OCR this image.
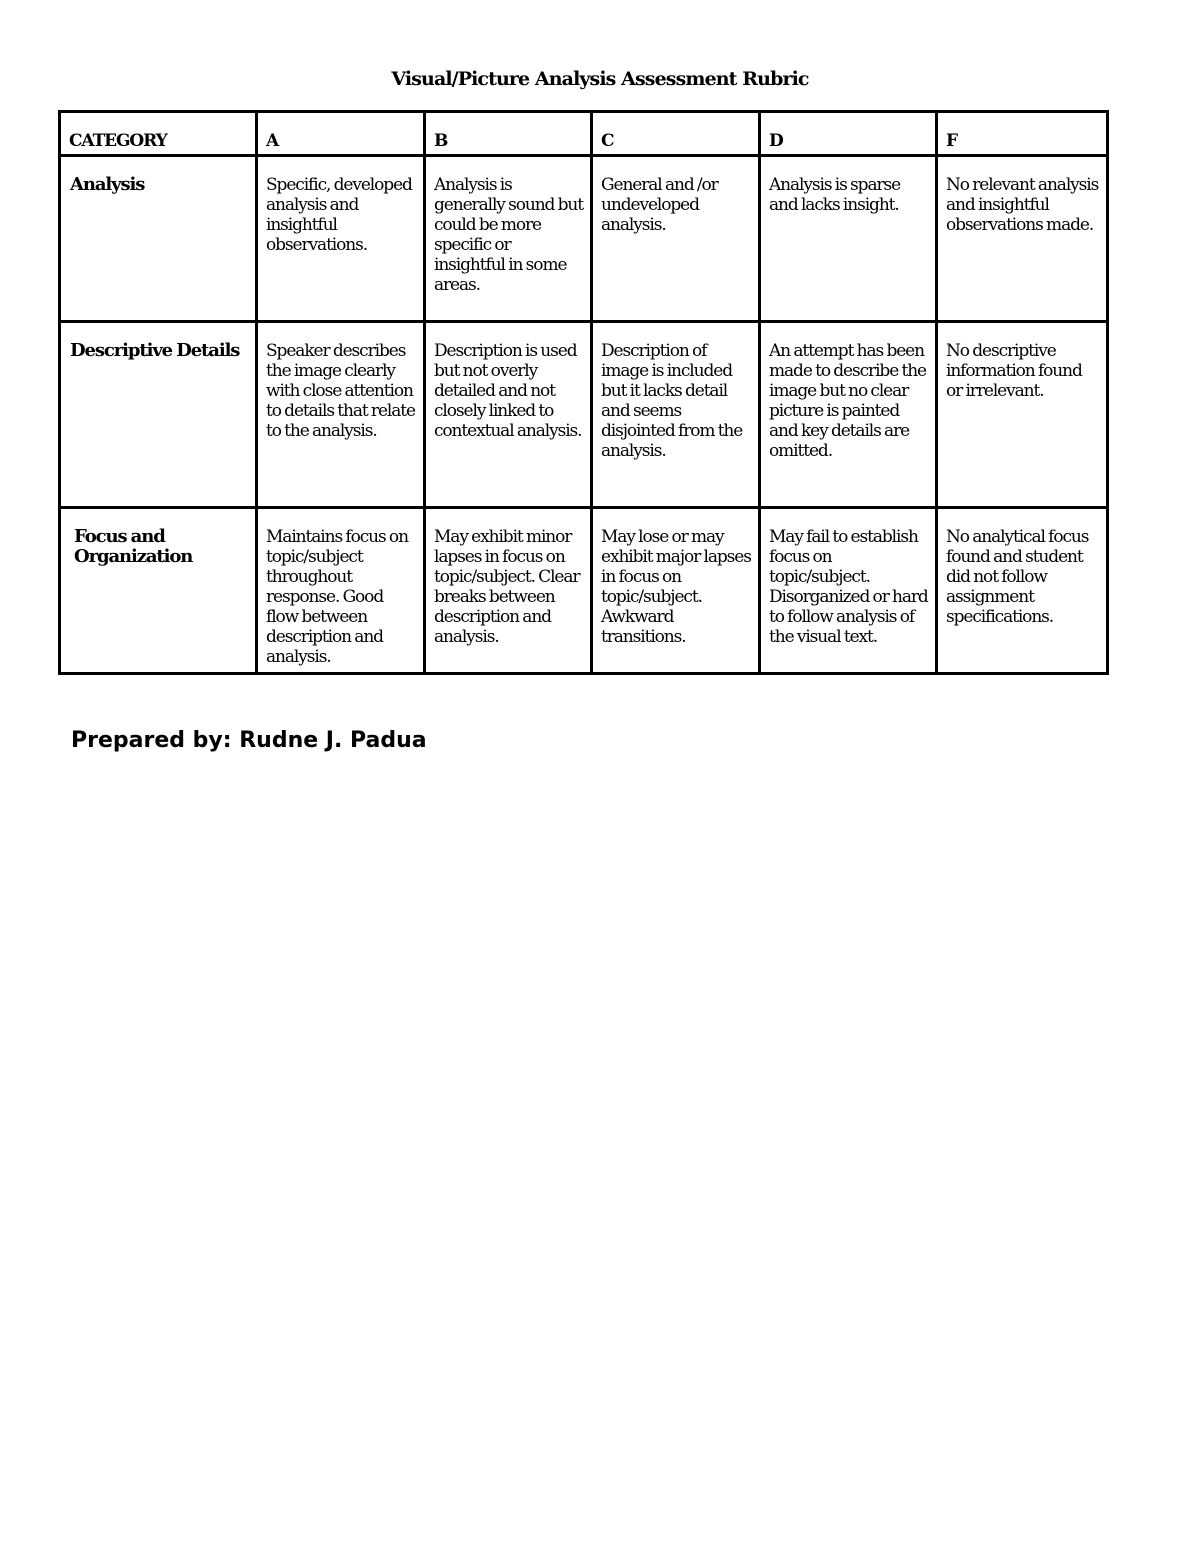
Visual/Picture Analysis Assessment Rubric
CATEGORY	A	B	C	D	F
Analysis	Specific, developed analysis and insightful observations.	Analysis is generally sound but could be more specific or insightful in some areas.	General and /or undeveloped analysis.	Analysis is sparse and lacks insight.	No relevant analysis and insightful observations made.
Descriptive Details	Speaker describes the image clearly with close attention to details that relate to the analysis.	Description is used but not overly detailed and not closely linked to contextual analysis.	Description of image is included but it lacks detail and seems disjointed from the analysis.	An attempt has been made to describe the image but no clear picture is painted and key details are omitted.	No descriptive information found or irrelevant.
Focus and Organization	Maintains focus on topic/subject throughout response. Good flow between description and analysis.	May exhibit minor lapses in focus on topic/subject. Clear breaks between description and analysis.	May lose or may exhibit major lapses in focus on topic/subject. Awkward transitions.	May fail to establish focus on topic/subject. Disorganized or hard to follow analysis of the visual text.	No analytical focus found and student did not follow assignment specifications.
Prepared by: Rudne J. Padua
